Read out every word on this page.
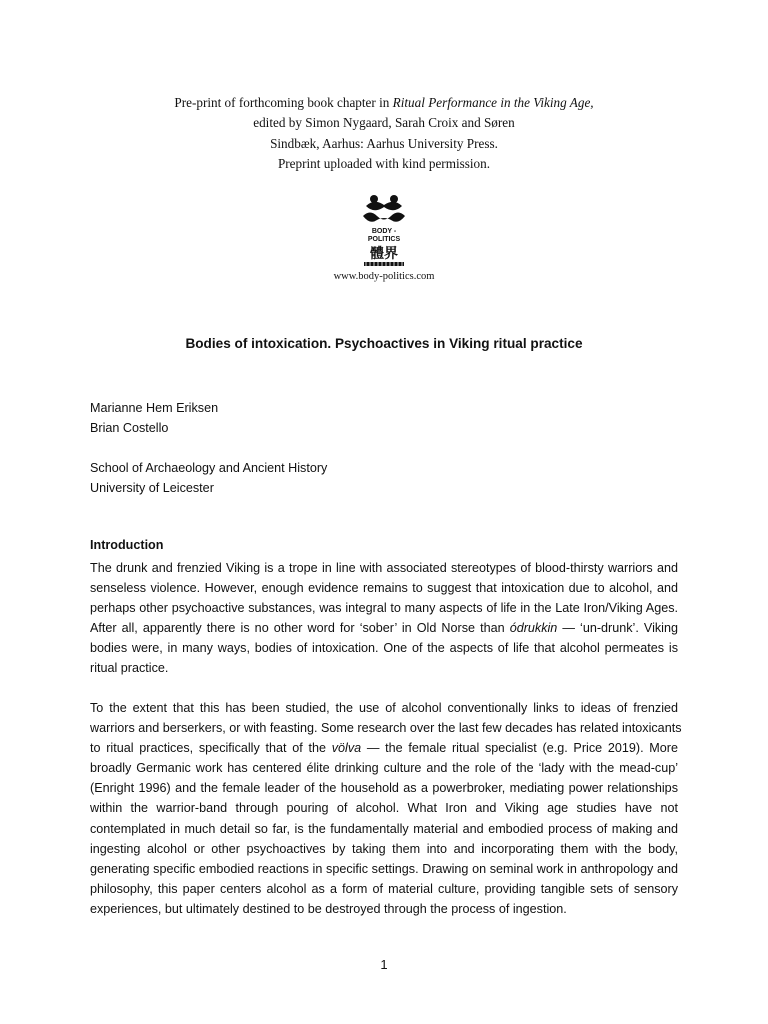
Pre-print of forthcoming book chapter in Ritual Performance in the Viking Age,
edited by Simon Nygaard, Sarah Croix and Søren
Sindbæk, Aarhus: Aarhus University Press.
Preprint uploaded with kind permission.
BODY -
POLITICS
體界
www.body-politics.com
Bodies of intoxication. Psychoactives in Viking ritual practice
Marianne Hem Eriksen
Brian Costello
School of Archaeology and Ancient History
University of Leicester
Introduction
The drunk and frenzied Viking is a trope in line with associated stereotypes of blood-thirsty warriors and
senseless violence. However, enough evidence remains to suggest that intoxication due to alcohol, and
perhaps other psychoactive substances, was integral to many aspects of life in the Late Iron/Viking Ages.
After all, apparently there is no other word for ‘sober’ in Old Norse than ódrukkin — ‘un-drunk’. Viking
bodies were, in many ways, bodies of intoxication. One of the aspects of life that alcohol permeates is
ritual practice.
To the extent that this has been studied, the use of alcohol conventionally links to ideas of frenzied
warriors and berserkers, or with feasting. Some research over the last few decades has related intoxicants
to ritual practices, specifically that of the völva — the female ritual specialist (e.g. Price 2019). More
broadly Germanic work has centered élite drinking culture and the role of the ‘lady with the mead-cup’
(Enright 1996) and the female leader of the household as a powerbroker, mediating power relationships
within the warrior-band through pouring of alcohol. What Iron and Viking age studies have not
contemplated in much detail so far, is the fundamentally material and embodied process of making and
ingesting alcohol or other psychoactives by taking them into and incorporating them with the body,
generating specific embodied reactions in specific settings. Drawing on seminal work in anthropology and
philosophy, this paper centers alcohol as a form of material culture, providing tangible sets of sensory
experiences, but ultimately destined to be destroyed through the process of ingestion.
1
